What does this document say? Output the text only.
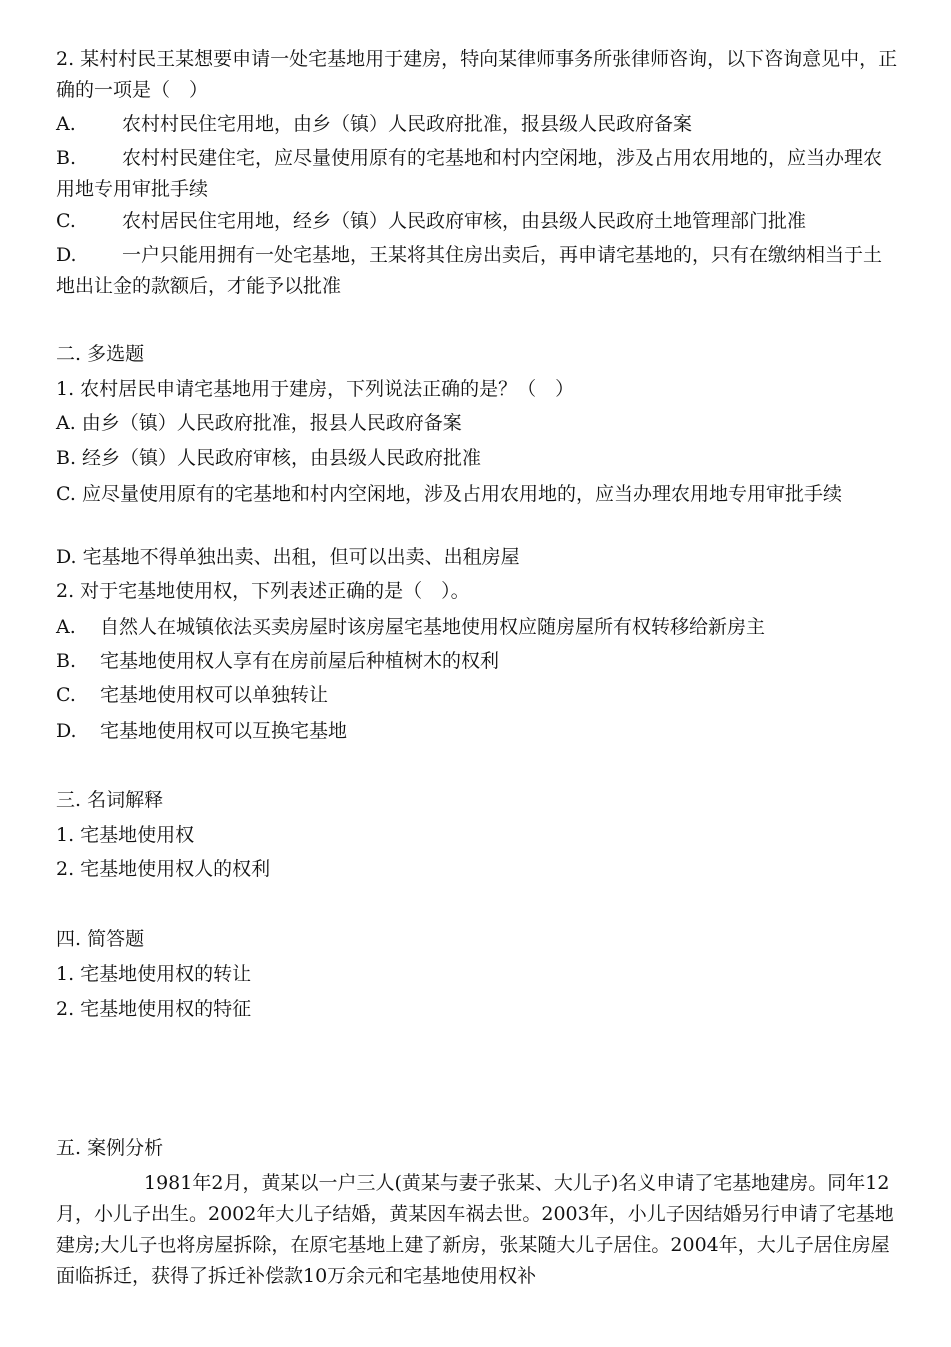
2. 某村村民王某想要申请一处宅基地用于建房，特向某律师事务所张律师咨询，以下咨询意见中，正确的一项是（　）
A. 农村村民住宅用地，由乡（镇）人民政府批准，报县级人民政府备案
B. 农村村民建住宅，应尽量使用原有的宅基地和村内空闲地，涉及占用农用地的，应当办理农用地专用审批手续
C. 农村居民住宅用地，经乡（镇）人民政府审核，由县级人民政府土地管理部门批准
D. 一户只能用拥有一处宅基地，王某将其住房出卖后，再申请宅基地的，只有在缴纳相当于土地出让金的款额后，才能予以批准
二. 多选题
1. 农村居民申请宅基地用于建房，下列说法正确的是？（　）
A. 由乡（镇）人民政府批准，报县人民政府备案
B. 经乡（镇）人民政府审核，由县级人民政府批准
C. 应尽量使用原有的宅基地和村内空闲地，涉及占用农用地的，应当办理农用地专用审批手续
D. 宅基地不得单独出卖、出租，但可以出卖、出租房屋
2. 对于宅基地使用权，下列表述正确的是（　）。
A. 自然人在城镇依法买卖房屋时该房屋宅基地使用权应随房屋所有权转移给新房主
B. 宅基地使用权人享有在房前屋后种植树木的权利
C. 宅基地使用权可以单独转让
D. 宅基地使用权可以互换宅基地
三. 名词解释
1. 宅基地使用权
2. 宅基地使用权人的权利
四. 简答题
1. 宅基地使用权的转让
2. 宅基地使用权的特征
五. 案例分析
1981年2月，黄某以一户三人(黄某与妻子张某、大儿子)名义申请了宅基地建房。同年12月，小儿子出生。2002年大儿子结婚，黄某因车祸去世。2003年，小儿子因结婚另行申请了宅基地建房;大儿子也将房屋拆除，在原宅基地上建了新房，张某随大儿子居住。2004年，大儿子居住房屋面临拆迁，获得了拆迁补偿款10万余元和宅基地使用权补
